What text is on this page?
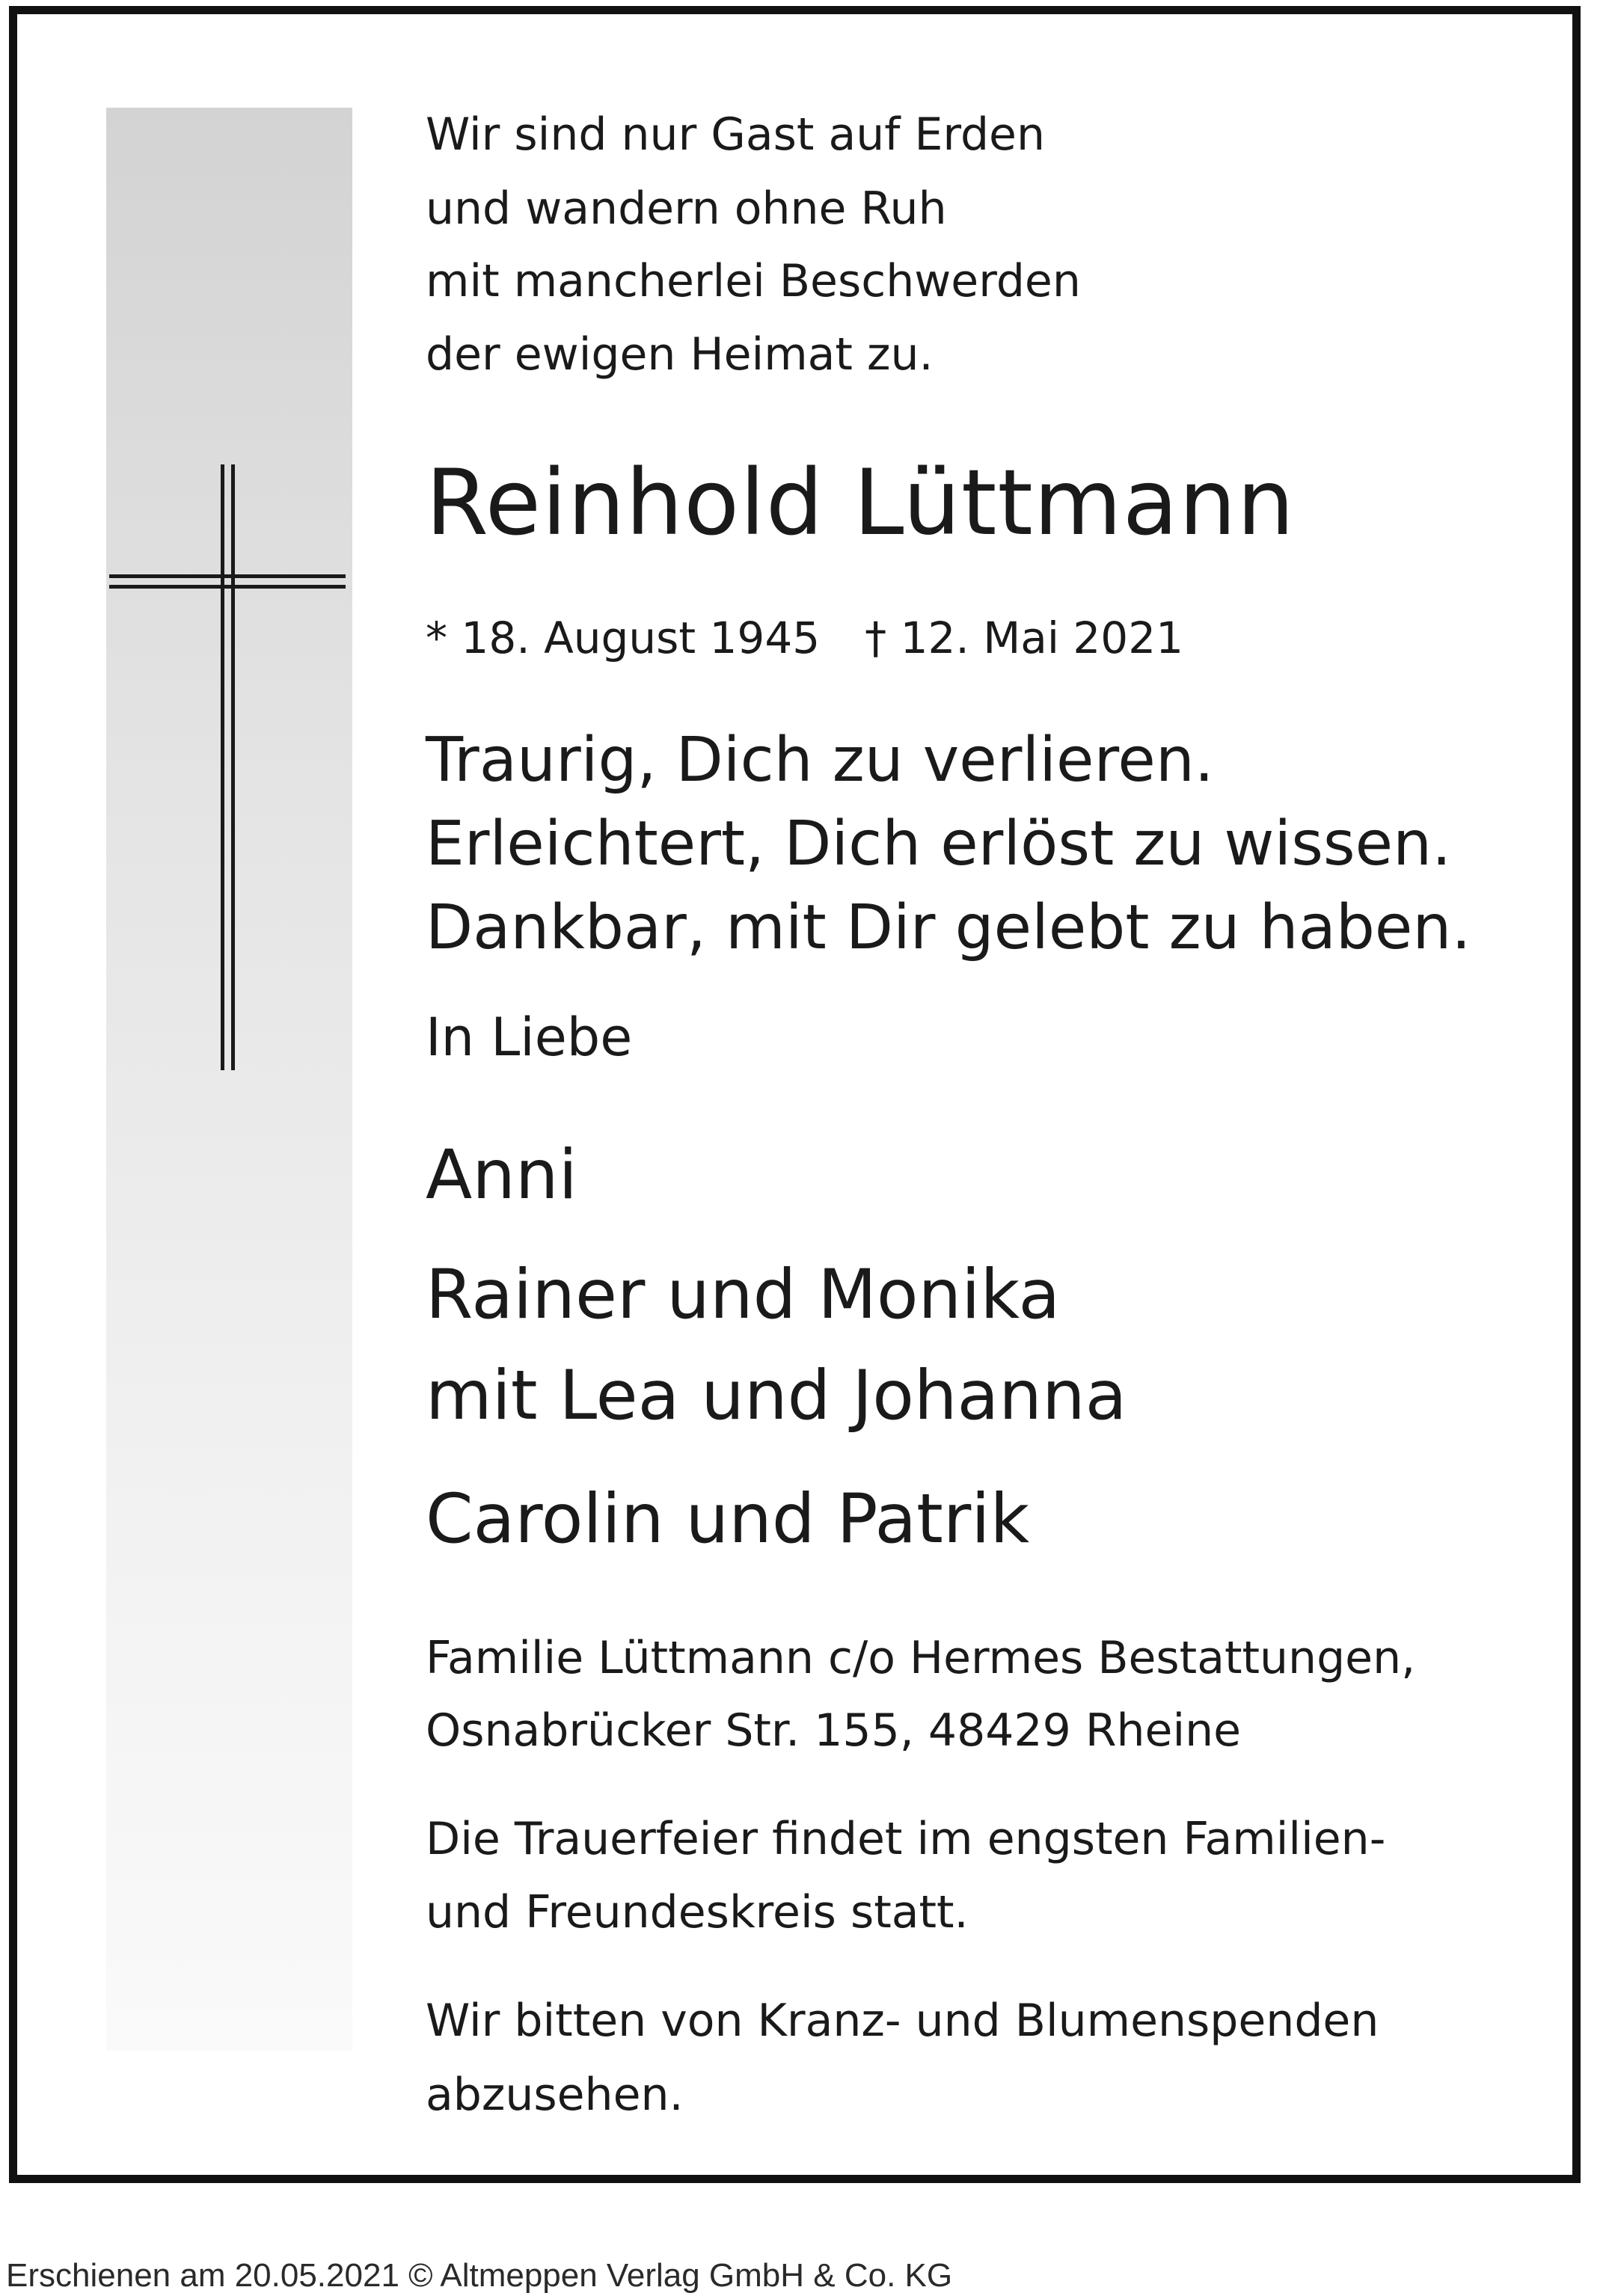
Wir sind nur Gast auf Erden
und wandern ohne Ruh
mit mancherlei Beschwerden
der ewigen Heimat zu.
Reinhold Lüttmann
* 18. August 1945 † 12. Mai 2021
Traurig, Dich zu verlieren.
Erleichtert, Dich erlöst zu wissen.
Dankbar, mit Dir gelebt zu haben.
In Liebe
Anni
Rainer und Monika
mit Lea und Johanna
Carolin und Patrik
Familie Lüttmann c/o Hermes Bestattungen,
Osnabrücker Str. 155, 48429 Rheine
Die Trauerfeier findet im engsten Familien-
und Freundeskreis statt.
Wir bitten von Kranz- und Blumenspenden
abzusehen.
Erschienen am 20.05.2021 © Altmeppen Verlag GmbH & Co. KG
